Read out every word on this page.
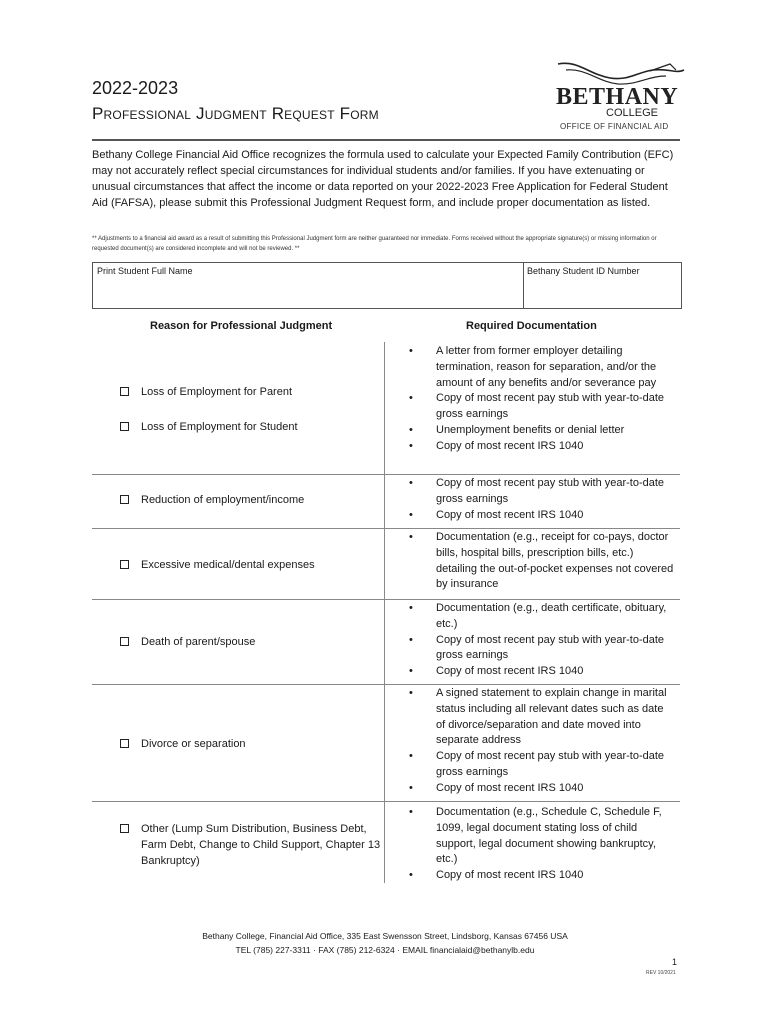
2022-2023
Professional Judgment Request Form
BETHANY
COLLEGE
OFFICE OF FINANCIAL AID
Bethany College Financial Aid Office recognizes the formula used to calculate your Expected Family Contribution (EFC) may not accurately reflect special circumstances for individual students and/or families. If you have extenuating or unusual circumstances that affect the income or data reported on your 2022-2023 Free Application for Federal Student Aid (FAFSA), please submit this Professional Judgment Request form, and include proper documentation as listed.
** Adjustments to a financial aid award as a result of submitting this Professional Judgment form are neither guaranteed nor immediate. Forms received without the appropriate signature(s) or missing information or requested document(s) are considered incomplete and will not be reviewed. **
Print Student Full Name	Bethany Student ID Number
Reason for Professional Judgment	Required Documentation
Loss of Employment for Parent
Loss of Employment for Student
• A letter from former employer detailing termination, reason for separation, and/or the amount of any benefits and/or severance pay
• Copy of most recent pay stub with year-to-date gross earnings
• Unemployment benefits or denial letter
• Copy of most recent IRS 1040
Reduction of employment/income
• Copy of most recent pay stub with year-to-date gross earnings
• Copy of most recent IRS 1040
Excessive medical/dental expenses
• Documentation (e.g., receipt for co-pays, doctor bills, hospital bills, prescription bills, etc.) detailing the out-of-pocket expenses not covered by insurance
Death of parent/spouse
• Documentation (e.g., death certificate, obituary, etc.)
• Copy of most recent pay stub with year-to-date gross earnings
• Copy of most recent IRS 1040
Divorce or separation
• A signed statement to explain change in marital status including all relevant dates such as date of divorce/separation and date moved into separate address
• Copy of most recent pay stub with year-to-date gross earnings
• Copy of most recent IRS 1040
Other (Lump Sum Distribution, Business Debt, Farm Debt, Change to Child Support, Chapter 13 Bankruptcy)
• Documentation (e.g., Schedule C, Schedule F, 1099, legal document stating loss of child support, legal document showing bankruptcy, etc.)
• Copy of most recent IRS 1040
Bethany College, Financial Aid Office, 335 East Swensson Street, Lindsborg, Kansas 67456 USA
TEL (785) 227-3311 · FAX (785) 212-6324 · EMAIL financialaid@bethanylb.edu
1
REV 10/2021
